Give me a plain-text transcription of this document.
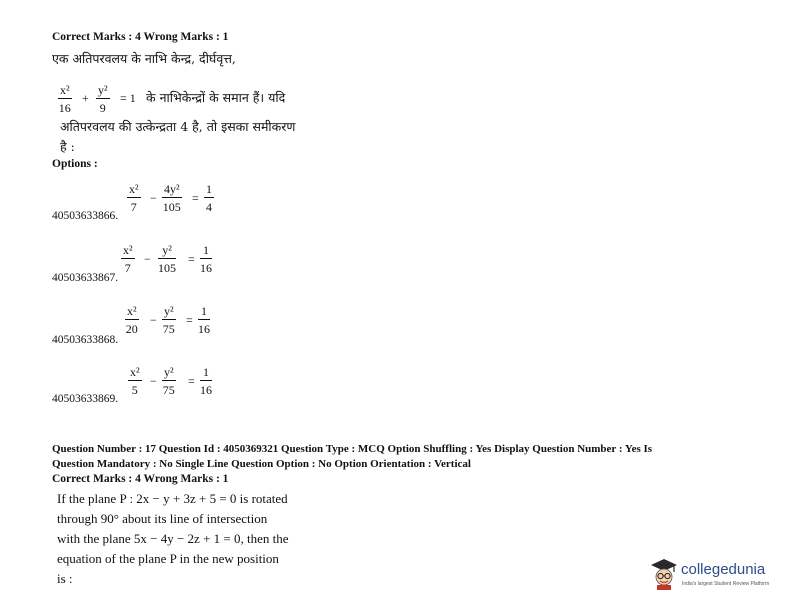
Correct Marks : 4 Wrong Marks : 1
एक अतिपरवलय के नाभि केन्द्र, दीर्घवृत्त,
$\frac{\text{x²}}{16} + \frac{\text{y²}}{9} = 1$ के नाभिकेन्द्रों के समान हैं। यदि
अतिपरवलय की उत्केन्द्रता 4 है, तो इसका समीकरण
है :
Options :
40503633866.
$\frac{\text{x²}}{7} - \frac{\text{4y²}}{105} = \frac{1}{4}$
40503633867.
$\frac{\text{x²}}{7} - \frac{\text{y²}}{105} = \frac{1}{16}$
40503633868.
$\frac{\text{x²}}{20} - \frac{\text{y²}}{75} = \frac{1}{16}$
40503633869.
$\frac{\text{x²}}{5} - \frac{\text{y²}}{75} = \frac{1}{16}$
Question Number : 17 Question Id : 4050369321 Question Type : MCQ Option Shuffling : Yes Display Question Number : Yes Is
Question Mandatory : No Single Line Question Option : No Option Orientation : Vertical
Correct Marks : 4 Wrong Marks : 1
If the plane P : 2x − y + 3z + 5 = 0 is rotated
through 90° about its line of intersection
with the plane 5x − 4y − 2z + 1 = 0, then the
equation of the plane P in the new position
is :
collegedunia
India's largest Student Review Platform
